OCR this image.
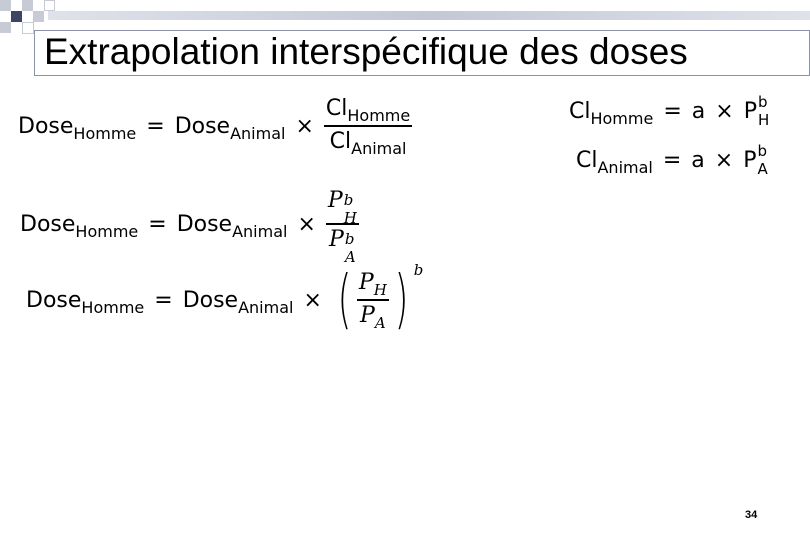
Extrapolation interspécifique des doses
Dose$_{Homme}$ = Dose$_{Animal}$ × $\frac{Cl_{Homme}}{Cl_{Animal}}$
Dose$_{Homme}$ = Dose$_{Animal}$ × P b
H
P b
A
Dose$_{Homme}$ = Dose$_{Animal}$ × ( $\frac{P_H}{P_A}$ ) b
$Cl_{Homme} = a \times P$ b
H
$Cl_{Animal} = a \times P$ b
A
34
